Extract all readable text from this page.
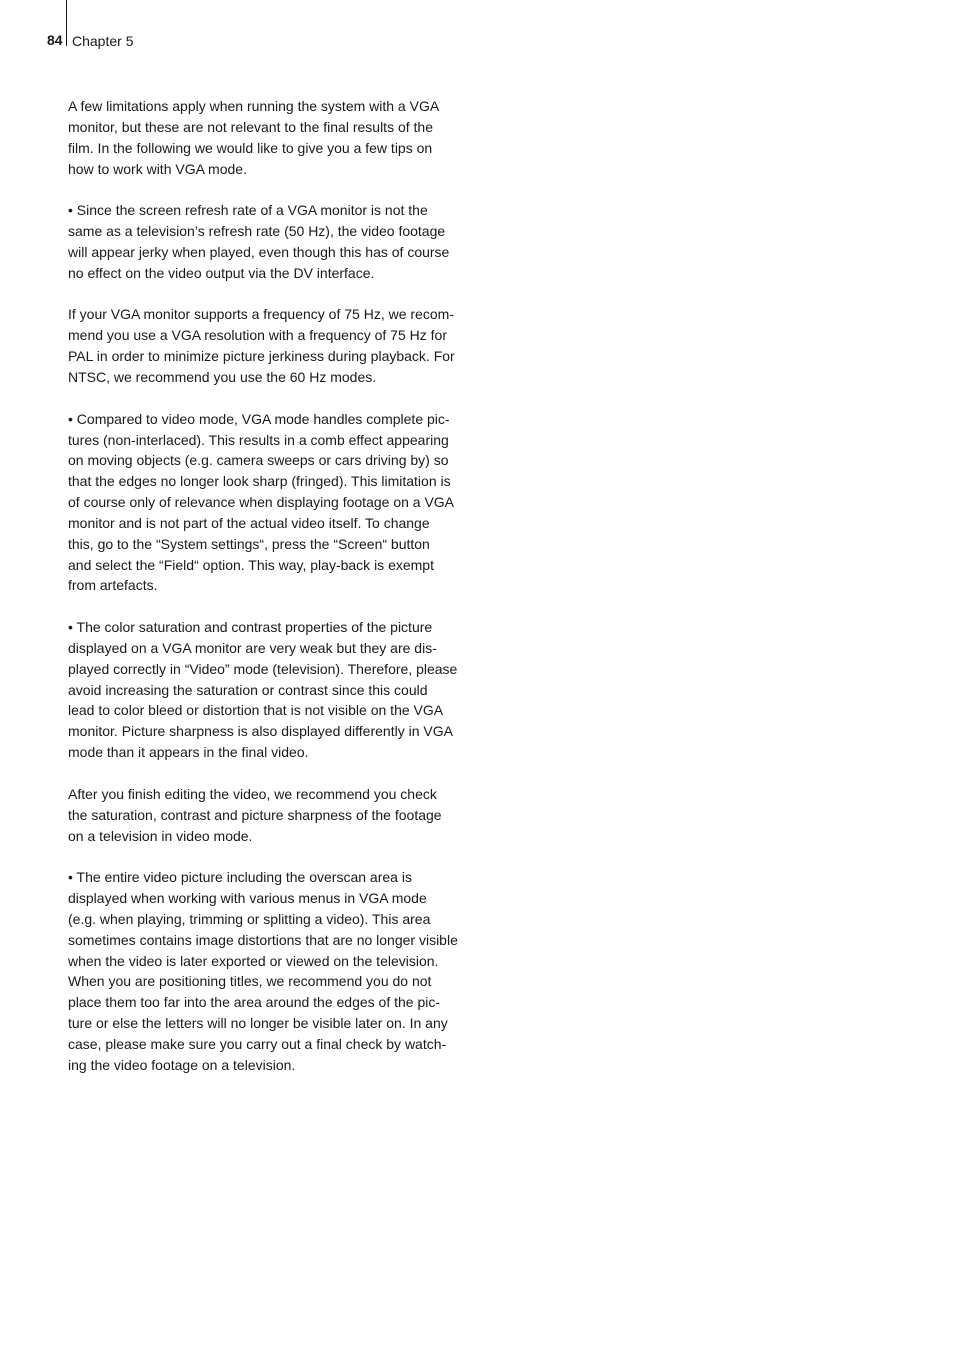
84 Chapter 5

A few limitations apply when running the system with a VGA
monitor, but these are not relevant to the final results of the
film. In the following we would like to give you a few tips on
how to work with VGA mode.

• Since the screen refresh rate of a VGA monitor is not the
same as a television’s refresh rate (50 Hz), the video footage
will appear jerky when played, even though this has of course
no effect on the video output via the DV interface.

If your VGA monitor supports a frequency of 75 Hz, we recom-
mend you use a VGA resolution with a frequency of 75 Hz for
PAL in order to minimize picture jerkiness during playback. For
NTSC, we recommend you use the 60 Hz modes.

• Compared to video mode, VGA mode handles complete pic-
tures (non-interlaced). This results in a comb effect appearing
on moving objects (e.g. camera sweeps or cars driving by) so
that the edges no longer look sharp (fringed). This limitation is
of course only of relevance when displaying footage on a VGA
monitor and is not part of the actual video itself. To change
this, go to the “System settings“, press the “Screen“ button
and select the “Field“ option. This way, play-back is exempt
from artefacts.

• The color saturation and contrast properties of the picture
displayed on a VGA monitor are very weak but they are dis-
played correctly in “Video” mode (television). Therefore, please
avoid increasing the saturation or contrast since this could
lead to color bleed or distortion that is not visible on the VGA
monitor. Picture sharpness is also displayed differently in VGA
mode than it appears in the final video.

After you finish editing the video, we recommend you check
the saturation, contrast and picture sharpness of the footage
on a television in video mode.

• The entire video picture including the overscan area is
displayed when working with various menus in VGA mode
(e.g. when playing, trimming or splitting a video). This area
sometimes contains image distortions that are no longer visible
when the video is later exported or viewed on the television.
When you are positioning titles, we recommend you do not
place them too far into the area around the edges of the pic-
ture or else the letters will no longer be visible later on. In any
case, please make sure you carry out a final check by watch-
ing the video footage on a television.
